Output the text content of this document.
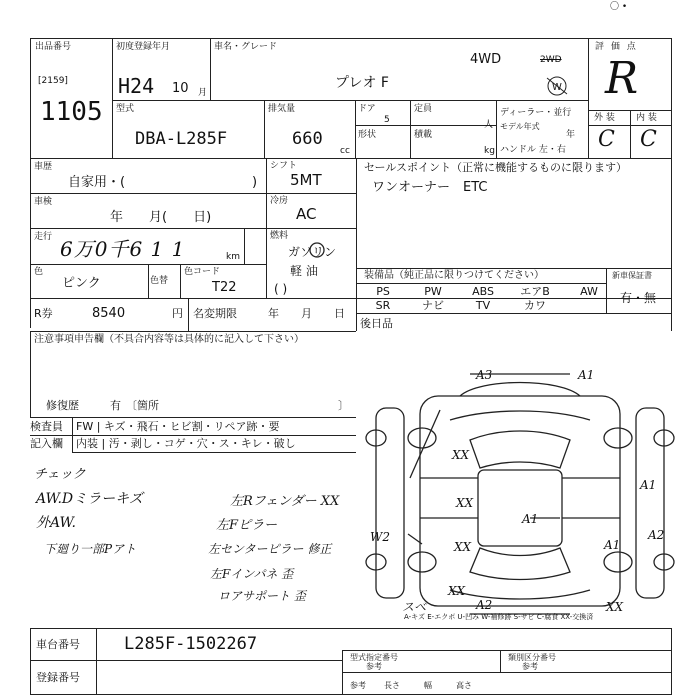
〇 •
出品番号
[2159]
1105
初度登録年月
H24 10 月
車名・グレード
プレオ F
4WD	2WD
W
評 価 点
R
型式
DBA-L285F
排気量
660
cc
ドア
5
形状
定員
人
積載
kg
ディーラー・並行
モデル年式
年
ハンドル 左・右
外 装 内 装
C C
車歴
自家用・(	)
シフト
5MT
冷房
AC
燃料
ガソリン
軽 油
( )
セールスポイント（正常に機能するものに限ります）
ワンオーナー　ETC
車検
年　　月(　　日)
走行 6万0千6 1 1	km
色
ピンク	色替
色コード
T22
装備品（純正品に限りつけてください）	新車保証書
有・無
PS	PW	ABS	エアB	AW
SR	ナビ	TV	カワ
R券	8540	円 名変期限	年　　月　　日
後日品
注意事項申告欄（不具合内容等は具体的に記入して下さい）
修復歴	有 〔箇所	〕
検査員 FW | キズ・飛石・ヒビ割・リペア跡・要
記入欄 内装 | 汚・剥し・コゲ・穴・ス・キレ・破し
チェック
AW.Dミラーキズ
外AW.
下廻り一部Pアト
左Rフェンダー XX
左Fピラー
左センターピラー 修正
左Fインパネ 歪
ロアサポート 歪
A3	A1
A1
A1
A2
A1
XX
XX
XX
XX
XX
A2
W2
スベ
A-キズ E-エクボ U-凹み W-補修跡 S-サビ C-腐食 XX-交換済
車台番号	L285F-1502267
登録番号
型式指定番号
参考
類別区分番号
参考
参考 長さ　　　幅　　　高さ
